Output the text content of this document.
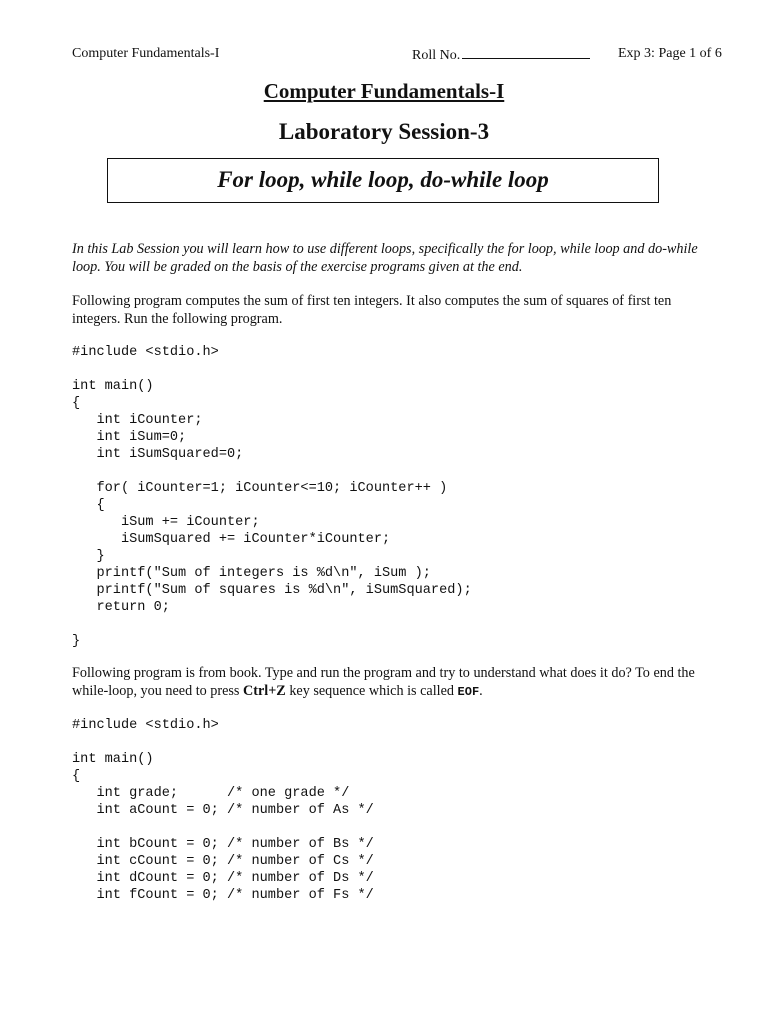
Computer Fundamentals-I	Roll No.	Exp 3: Page 1 of 6
Computer Fundamentals-I
Laboratory Session-3
For loop, while loop, do-while loop
In this Lab Session you will learn how to use different loops, specifically the for loop, while loop and do-while loop. You will be graded on the basis of the exercise programs given at the end.
Following program computes the sum of first ten integers. It also computes the sum of squares of first ten integers. Run the following program.
#include <stdio.h>

int main()
{
int iCounter;
int iSum=0;
int iSumSquared=0;

for( iCounter=1; iCounter<=10; iCounter++ )
{
iSum += iCounter;
iSumSquared += iCounter*iCounter;
}
printf("Sum of integers is %d\n", iSum );
printf("Sum of squares is %d\n", iSumSquared);
return 0;

}
Following program is from book. Type and run the program and try to understand what does it do? To end the while-loop, you need to press Ctrl+Z key sequence which is called EOF.
#include <stdio.h>

int main()
{
int grade;      /* one grade */
int aCount = 0; /* number of As */

int bCount = 0; /* number of Bs */
int cCount = 0; /* number of Cs */
int dCount = 0; /* number of Ds */
int fCount = 0; /* number of Fs */
